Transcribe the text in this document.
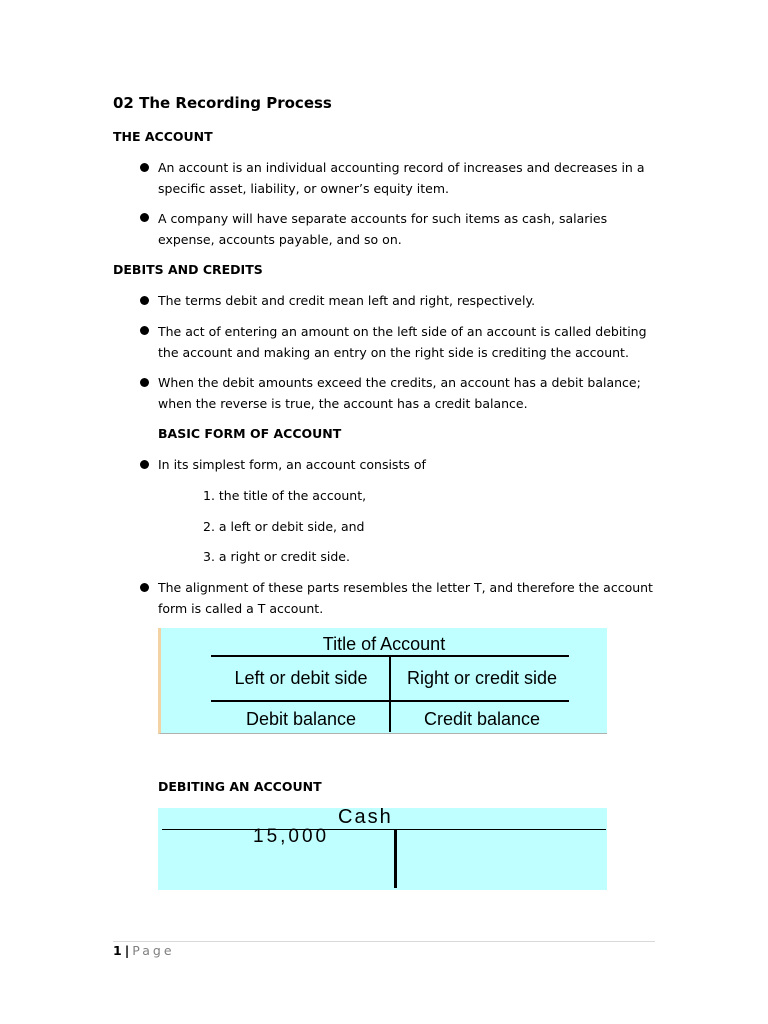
02 The Recording Process
THE ACCOUNT
An account is an individual accounting record of increases and decreases in a specific asset, liability, or owner’s equity item.
A company will have separate accounts for such items as cash, salaries expense, accounts payable, and so on.
DEBITS AND CREDITS
The terms debit and credit mean left and right, respectively.
The act of entering an amount on the left side of an account is called debiting the account and making an entry on the right side is crediting the account.
When the debit amounts exceed the credits, an account has a debit balance; when the reverse is true, the account has a credit balance.
BASIC FORM OF ACCOUNT
In its simplest form, an account consists of
1. the title of the account,
2. a left or debit side, and
3. a right or credit side.
The alignment of these parts resembles the letter T, and therefore the account form is called a T account.
Title of Account
Left or debit side	Right or credit side
Debit balance	Credit balance
DEBITING AN ACCOUNT
Cash
15,000
1 | Page
